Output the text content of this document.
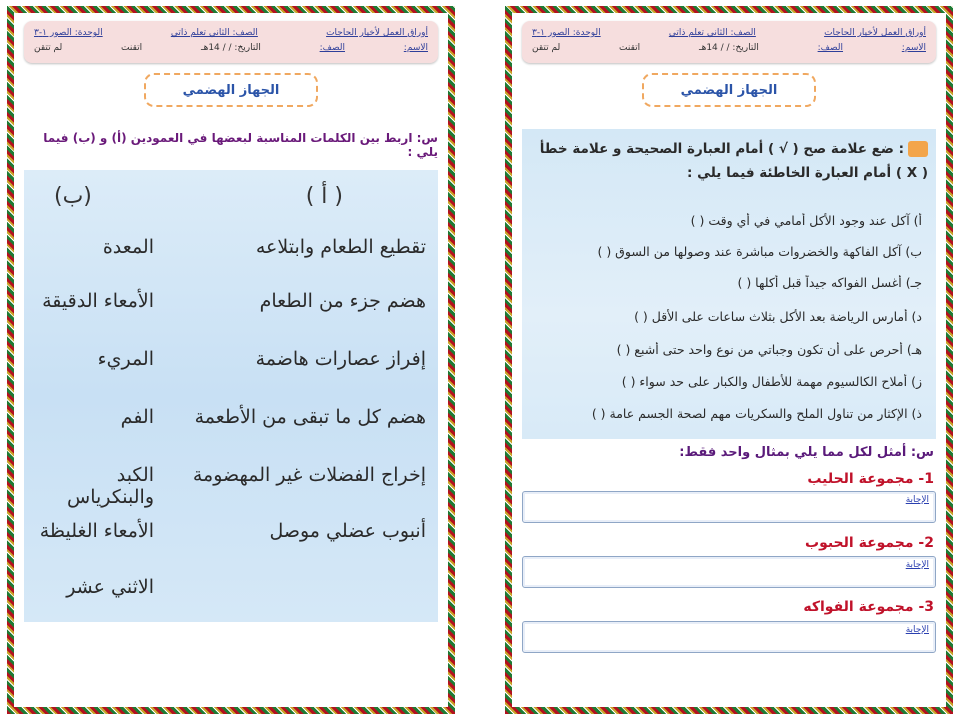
أوراق العمل لأخيار الحاجات
الصف: الثاني تعلم ذاتي
الوحدة: الصور ١-٣
الاسم:
الصف:
التاريخ: / / 14هـ
اتقنت
لم تتقن
الجهاز الهضمي
س: اربط بين الكلمات المناسبة لبعضها في العمودين (أ) و (ب) فيما يلي :
( أ )
(ب)
تقطيع الطعام وابتلاعه
هضم جزء من الطعام
إفراز عصارات هاضمة
هضم كل ما تبقى من الأطعمة
إخراج الفضلات غير المهضومة
أنبوب عضلي موصل
المعدة
الأمعاء الدقيقة
المريء
الفم
الكبد والبنكرياس
الأمعاء الغليظة
الاثني عشر
أوراق العمل لأخيار الحاجات
الصف: الثاني تعلم ذاتي
الوحدة: الصور ١-٣
الاسم:
الصف:
التاريخ: / / 14هـ
اتقنت
لم تتقن
الجهاز الهضمي
: ضع علامة صح ( √ ) أمام العبارة الصحيحة و علامة خطأ
( X ) أمام العبارة الخاطئة فيما يلي :
أ) آكل عند وجود الأكل أمامي في أي وقت ( )
ب) آكل الفاكهة والخضروات مباشرة عند وصولها من السوق ( )
جـ) أغسل الفواكه جيداً قبل أكلها ( )
د) أمارس الرياضة بعد الأكل بثلاث ساعات على الأقل ( )
هـ) أحرص على أن تكون وجباتي من نوع واحد حتى أشبع ( )
ز) أملاح الكالسيوم مهمة للأطفال والكبار على حد سواء ( )
ذ) الإكثار من تناول الملح والسكريات مهم لصحة الجسم عامة ( )
س: أمثل لكل مما يلي بمثال واحد فقط:
1- مجموعة الحليب
الإجابة
2- مجموعة الحبوب
الإجابة
3- مجموعة الفواكه
الإجابة
